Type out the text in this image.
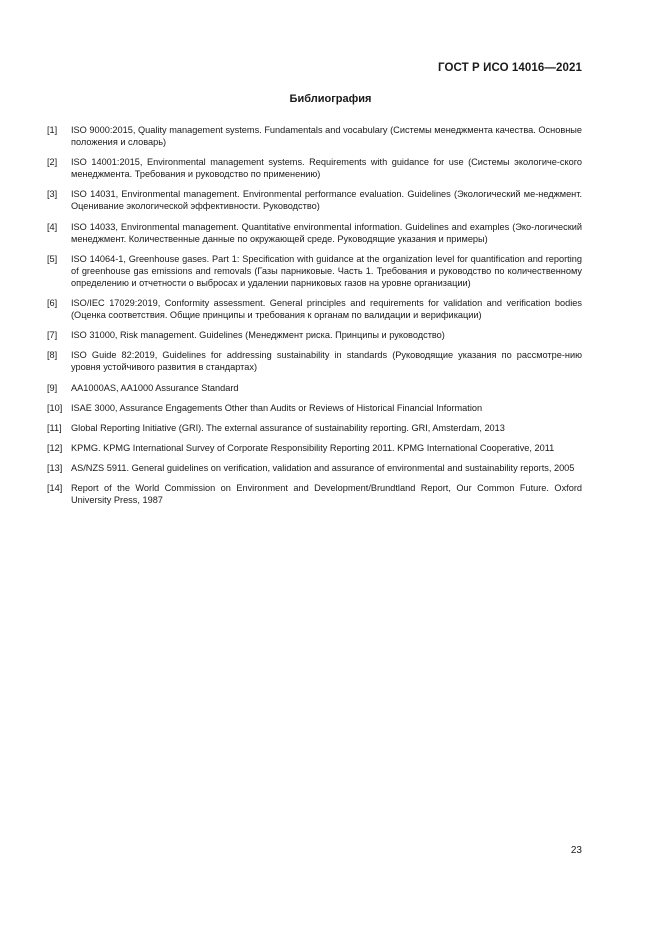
ГОСТ Р ИСО 14016—2021
Библиография
[1]	ISO 9000:2015, Quality management systems. Fundamentals and vocabulary (Системы менеджмента качества. Основные положения и словарь)
[2]	ISO 14001:2015, Environmental management systems. Requirements with guidance for use (Системы экологиче-ского менеджмента. Требования и руководство по применению)
[3]	ISO 14031, Environmental management. Environmental performance evaluation. Guidelines (Экологический ме-неджмент. Оценивание экологической эффективности. Руководство)
[4]	ISO 14033, Environmental management. Quantitative environmental information. Guidelines and examples (Эко-логический менеджмент. Количественные данные по окружающей среде. Руководящие указания и примеры)
[5]	ISO 14064-1, Greenhouse gases. Part 1: Specification with guidance at the organization level for quantification and reporting of greenhouse gas emissions and removals (Газы парниковые. Часть 1. Требования и руководство по количественному определению и отчетности о выбросах и удалении парниковых газов на уровне организации)
[6]	ISO/IEC 17029:2019, Conformity assessment. General principles and requirements for validation and verification bodies (Оценка соответствия. Общие принципы и требования к органам по валидации и верификации)
[7]	ISO 31000, Risk management. Guidelines (Менеджмент риска. Принципы и руководство)
[8]	ISO Guide 82:2019, Guidelines for addressing sustainability in standards (Руководящие указания по рассмотре-нию уровня устойчивого развития в стандартах)
[9]	AA1000AS, AA1000 Assurance Standard
[10] ISAE 3000, Assurance Engagements Other than Audits or Reviews of Historical Financial Information
[11]	Global Reporting Initiative (GRI). The external assurance of sustainability reporting. GRI, Amsterdam, 2013
[12] KPMG. KPMG International Survey of Corporate Responsibility Reporting 2011. KPMG International Cooperative, 2011
[13] AS/NZS 5911. General guidelines on verification, validation and assurance of environmental and sustainability reports, 2005
[14] Report of the World Commission on Environment and Development/Brundtland Report, Our Common Future. Oxford University Press, 1987
23
